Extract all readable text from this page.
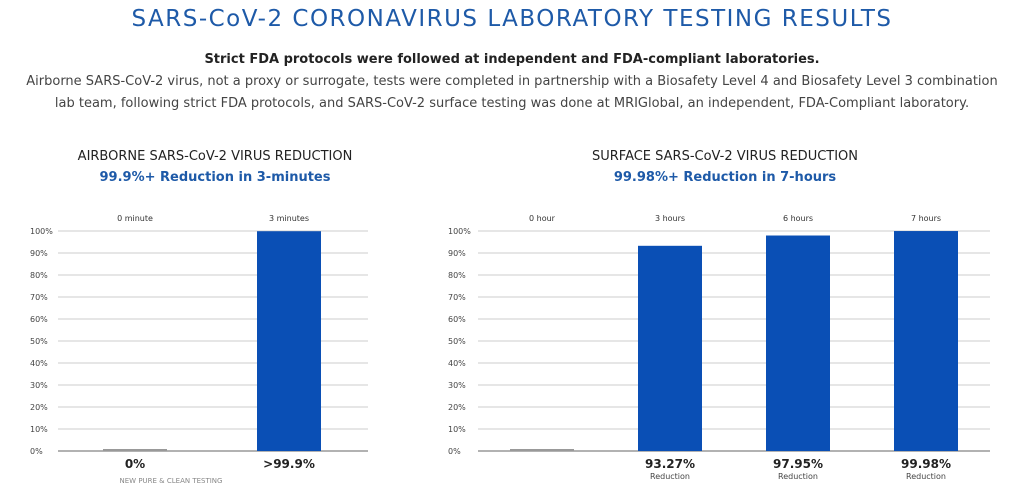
SARS-CoV-2 CORONAVIRUS LABORATORY TESTING RESULTS
Strict FDA protocols were followed at independent and FDA-compliant laboratories.
Airborne SARS-CoV-2 virus, not a proxy or surrogate, tests were completed in partnership with a Biosafety Level 4 and Biosafety Level 3 combination
lab team, following strict FDA protocols, and SARS-CoV-2 surface testing was done at MRIGlobal, an independent, FDA-Compliant laboratory.
AIRBORNE SARS-CoV-2 VIRUS REDUCTION
99.9%+ Reduction in 3-minutes
SURFACE SARS-CoV-2 VIRUS REDUCTION
99.98%+ Reduction in 7-hours
100%
90%
80%
70%
60%
50%
40%
30%
20%
10%
0%
0 minute
0%
3 minutes
>99.9%
NEW PURE & CLEAN TESTING
100%
90%
80%
70%
60%
50%
40%
30%
20%
10%
0%
0 hour	3 hours
93.27%
Reduction
6 hours
97.95%
Reduction
7 hours
99.98%
Reduction
